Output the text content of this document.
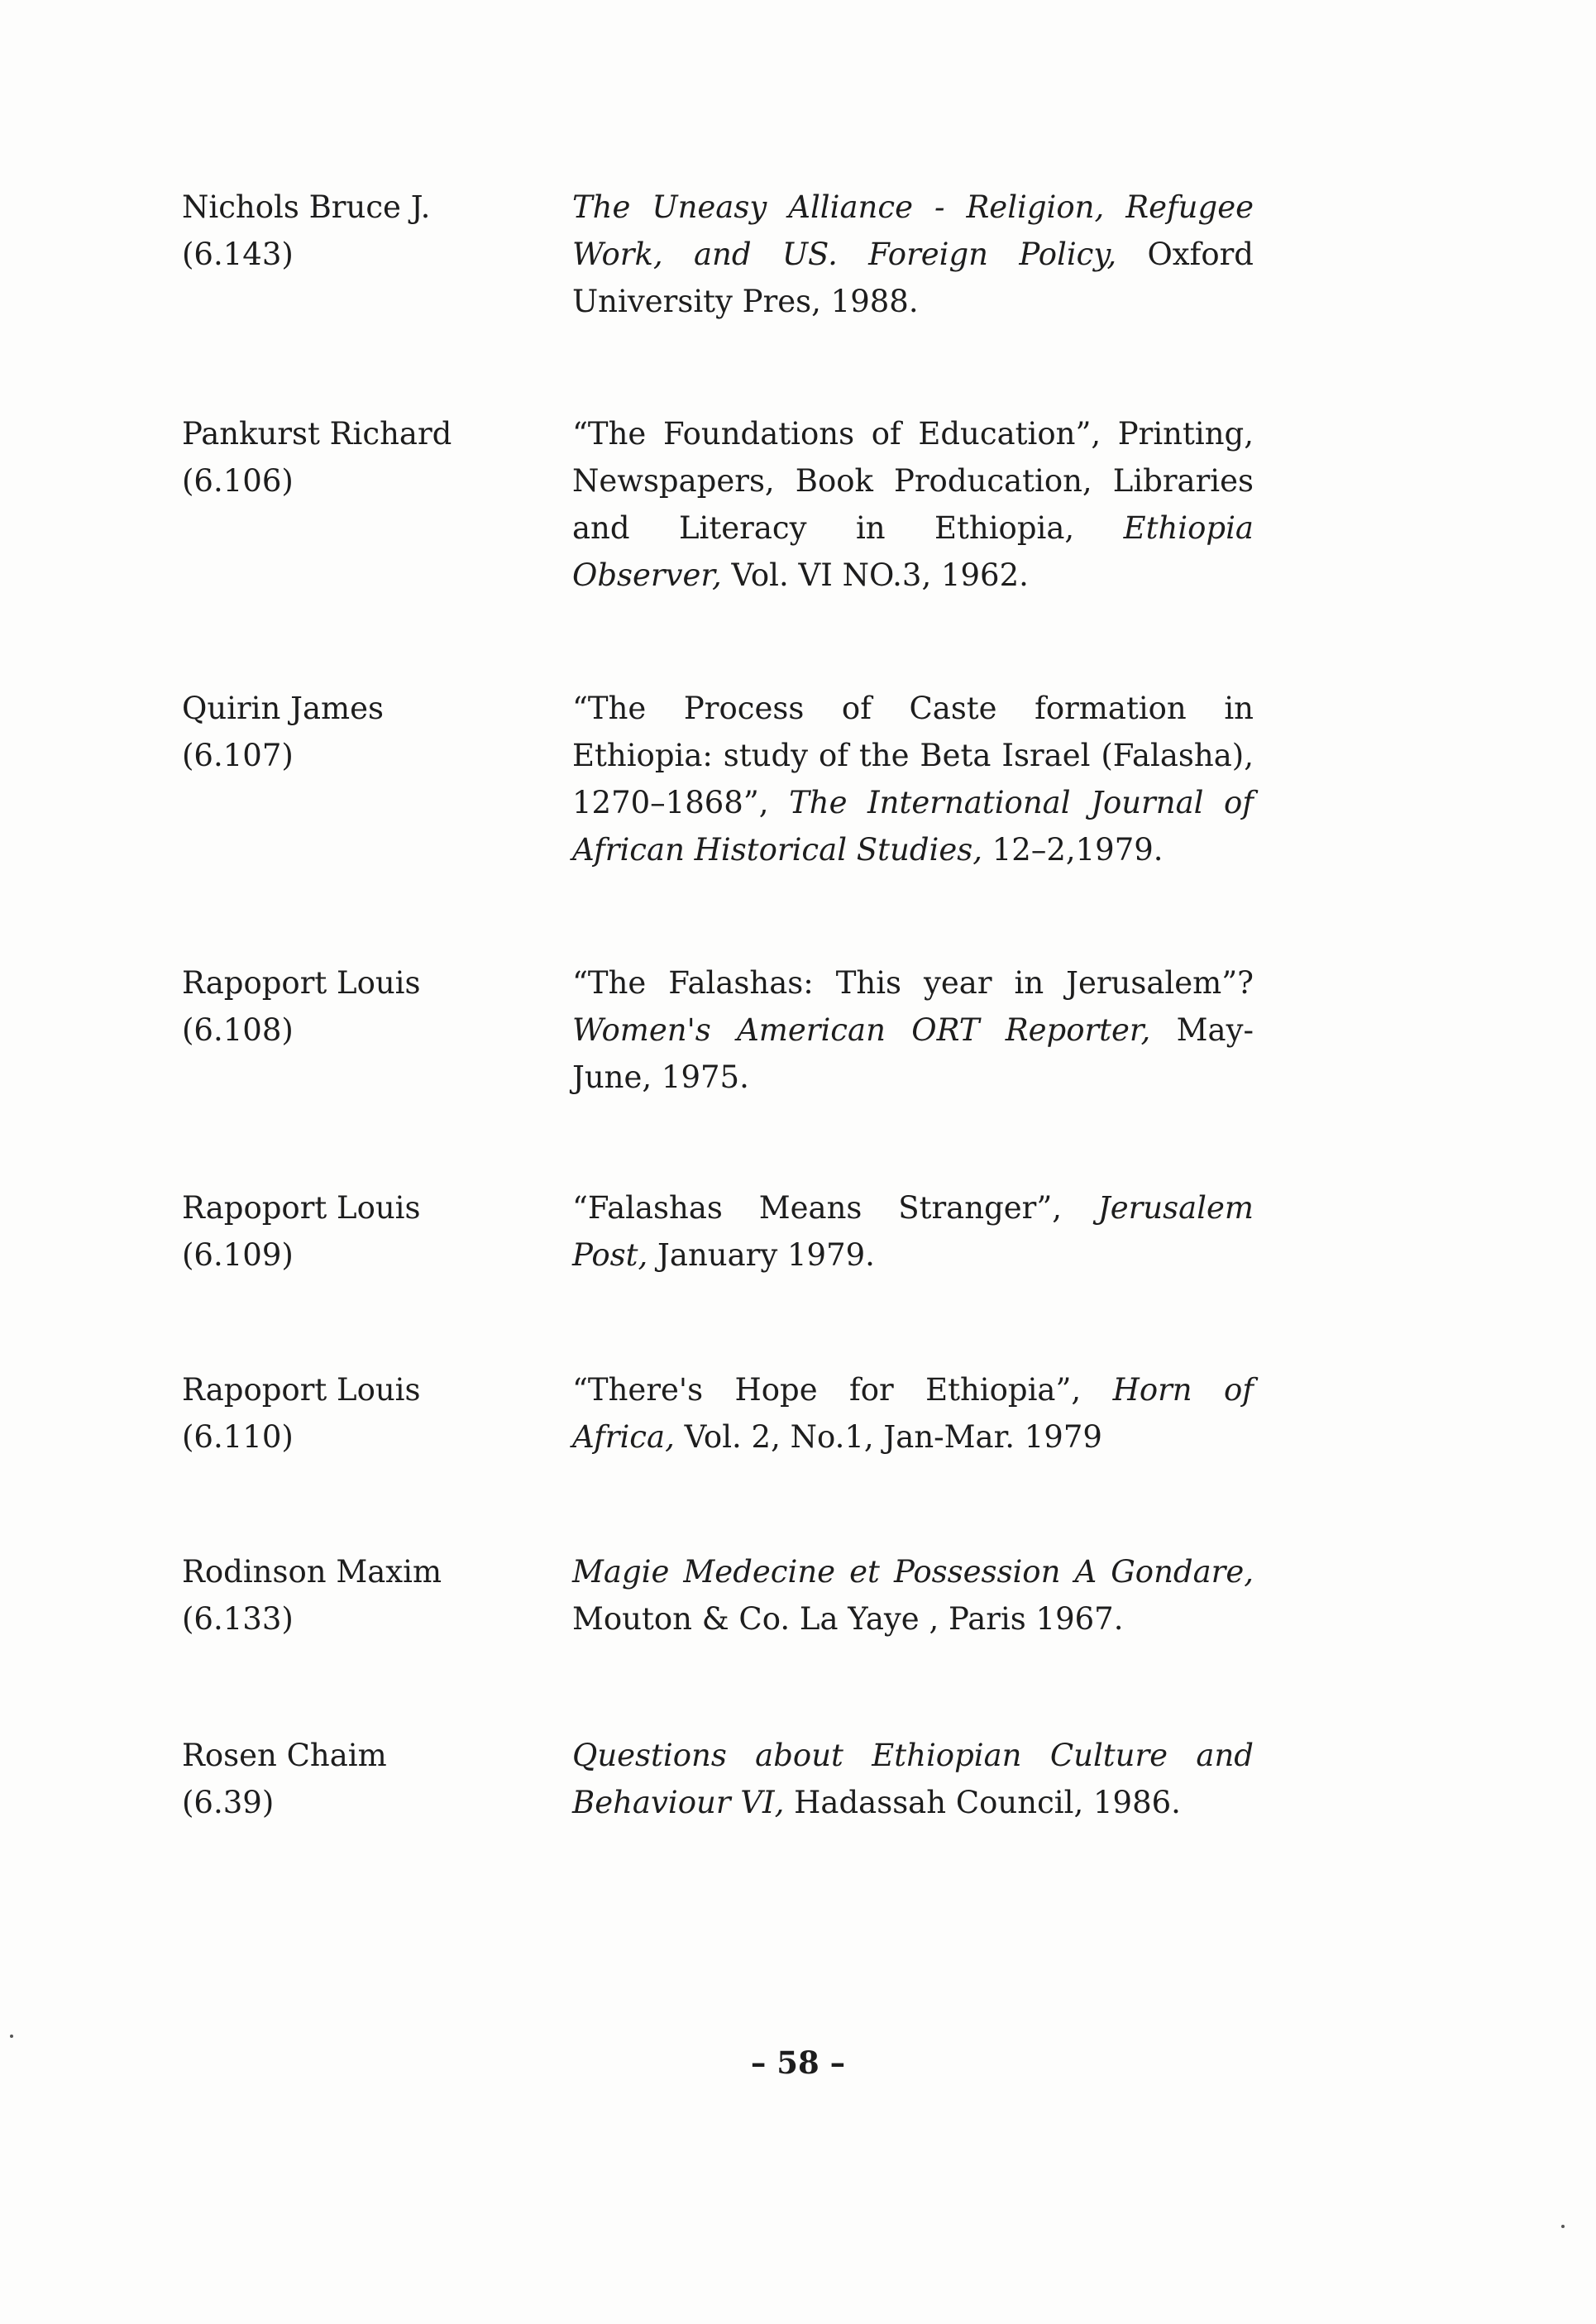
Nichols Bruce J.
(6.143)
The Uneasy Alliance - Religion, Refugee Work, and US. Foreign Policy, Oxford University Pres, 1988.
Pankurst Richard
(6.106)
“The Foundations of Education”, Printing, Newspapers, Book Producation, Libraries and Literacy in Ethiopia, Ethiopia Observer, Vol. VI NO.3, 1962.
Quirin James
(6.107)
“The Process of Caste formation in Ethiopia: study of the Beta Israel (Falasha), 1270–1868”, The International Journal of African Historical Studies, 12–2,1979.
Rapoport Louis
(6.108)
“The Falashas: This year in Jerusalem”? Women's American ORT Reporter, May-June, 1975.
Rapoport Louis
(6.109)
“Falashas Means Stranger”, Jerusalem Post, January 1979.
Rapoport Louis
(6.110)
“There's Hope for Ethiopia”, Horn of Africa, Vol. 2, No.1, Jan-Mar. 1979
Rodinson Maxim
(6.133)
Magie Medecine et Possession A Gondare, Mouton & Co. La Yaye , Paris 1967.
Rosen Chaim
(6.39)
Questions about Ethiopian Culture and Behaviour VI, Hadassah Council, 1986.
– 58 –
